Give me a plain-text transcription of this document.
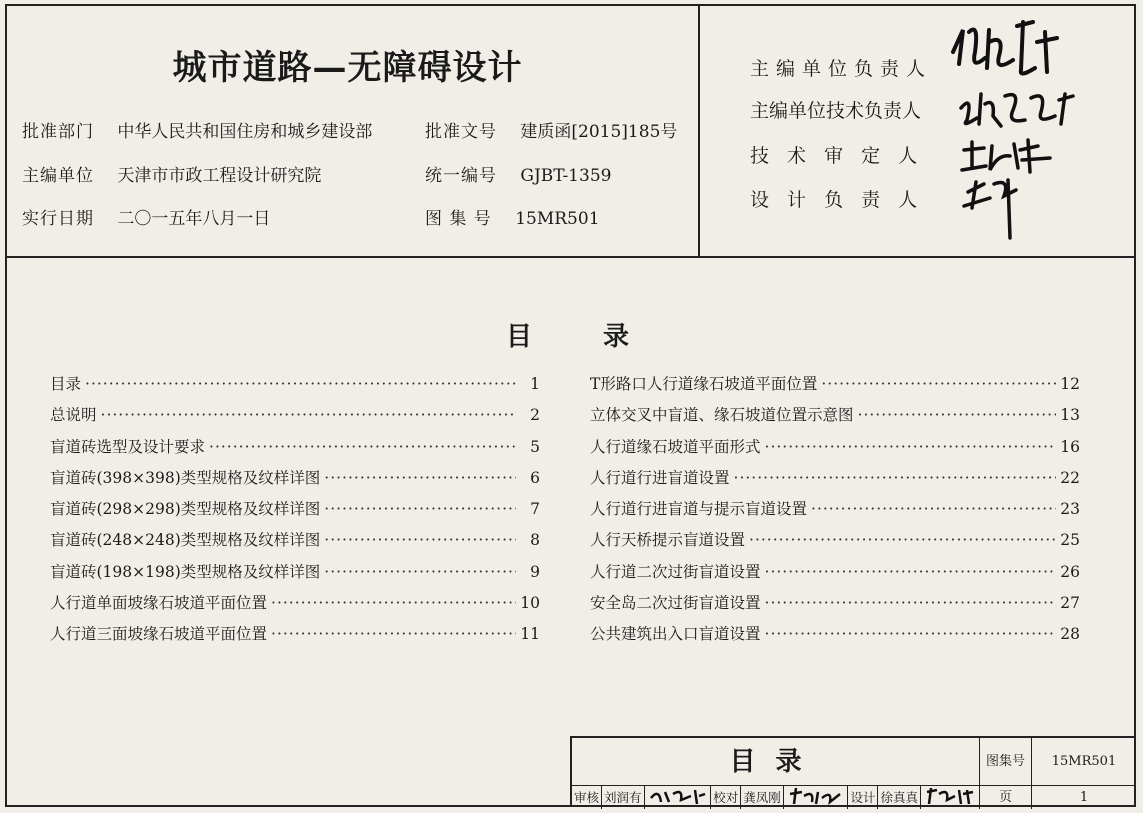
城市道路—无障碍设计
批准部门 中华人民共和国住房和城乡建设部	批准文号 建质函[2015]185号
主编单位 天津市市政工程设计研究院	统一编号 GJBT-1359
实行日期 二〇一五年八月一日	图 集 号 15MR501
主编单位负责人
主编单位技术负责人
技 术 审 定 人
设 计 负 责 人
目	录
目录 ·····	1
总说明 ·····	2
盲道砖选型及设计要求 ·····	5
盲道砖(398×398)类型规格及纹样详图 ·····	6
盲道砖(298×298)类型规格及纹样详图 ·····	7
盲道砖(248×248)类型规格及纹样详图 ·····	8
盲道砖(198×198)类型规格及纹样详图 ·····	9
人行道单面坡缘石坡道平面位置 ·····	10
人行道三面坡缘石坡道平面位置 ·····	11
T形路口人行道缘石坡道平面位置 ·····	12
立体交叉中盲道、缘石坡道位置示意图 ·····	13
人行道缘石坡道平面形式 ·····	16
人行道行进盲道设置 ·····	22
人行道行进盲道与提示盲道设置 ·····	23
人行天桥提示盲道设置 ·····	25
人行道二次过街盲道设置 ·····	26
安全岛二次过街盲道设置 ·····	27
公共建筑出入口盲道设置 ·····	28
目录	图集号	15MR501
页	1
审核 刘润有	校对 龚凤刚	设计 徐真真
